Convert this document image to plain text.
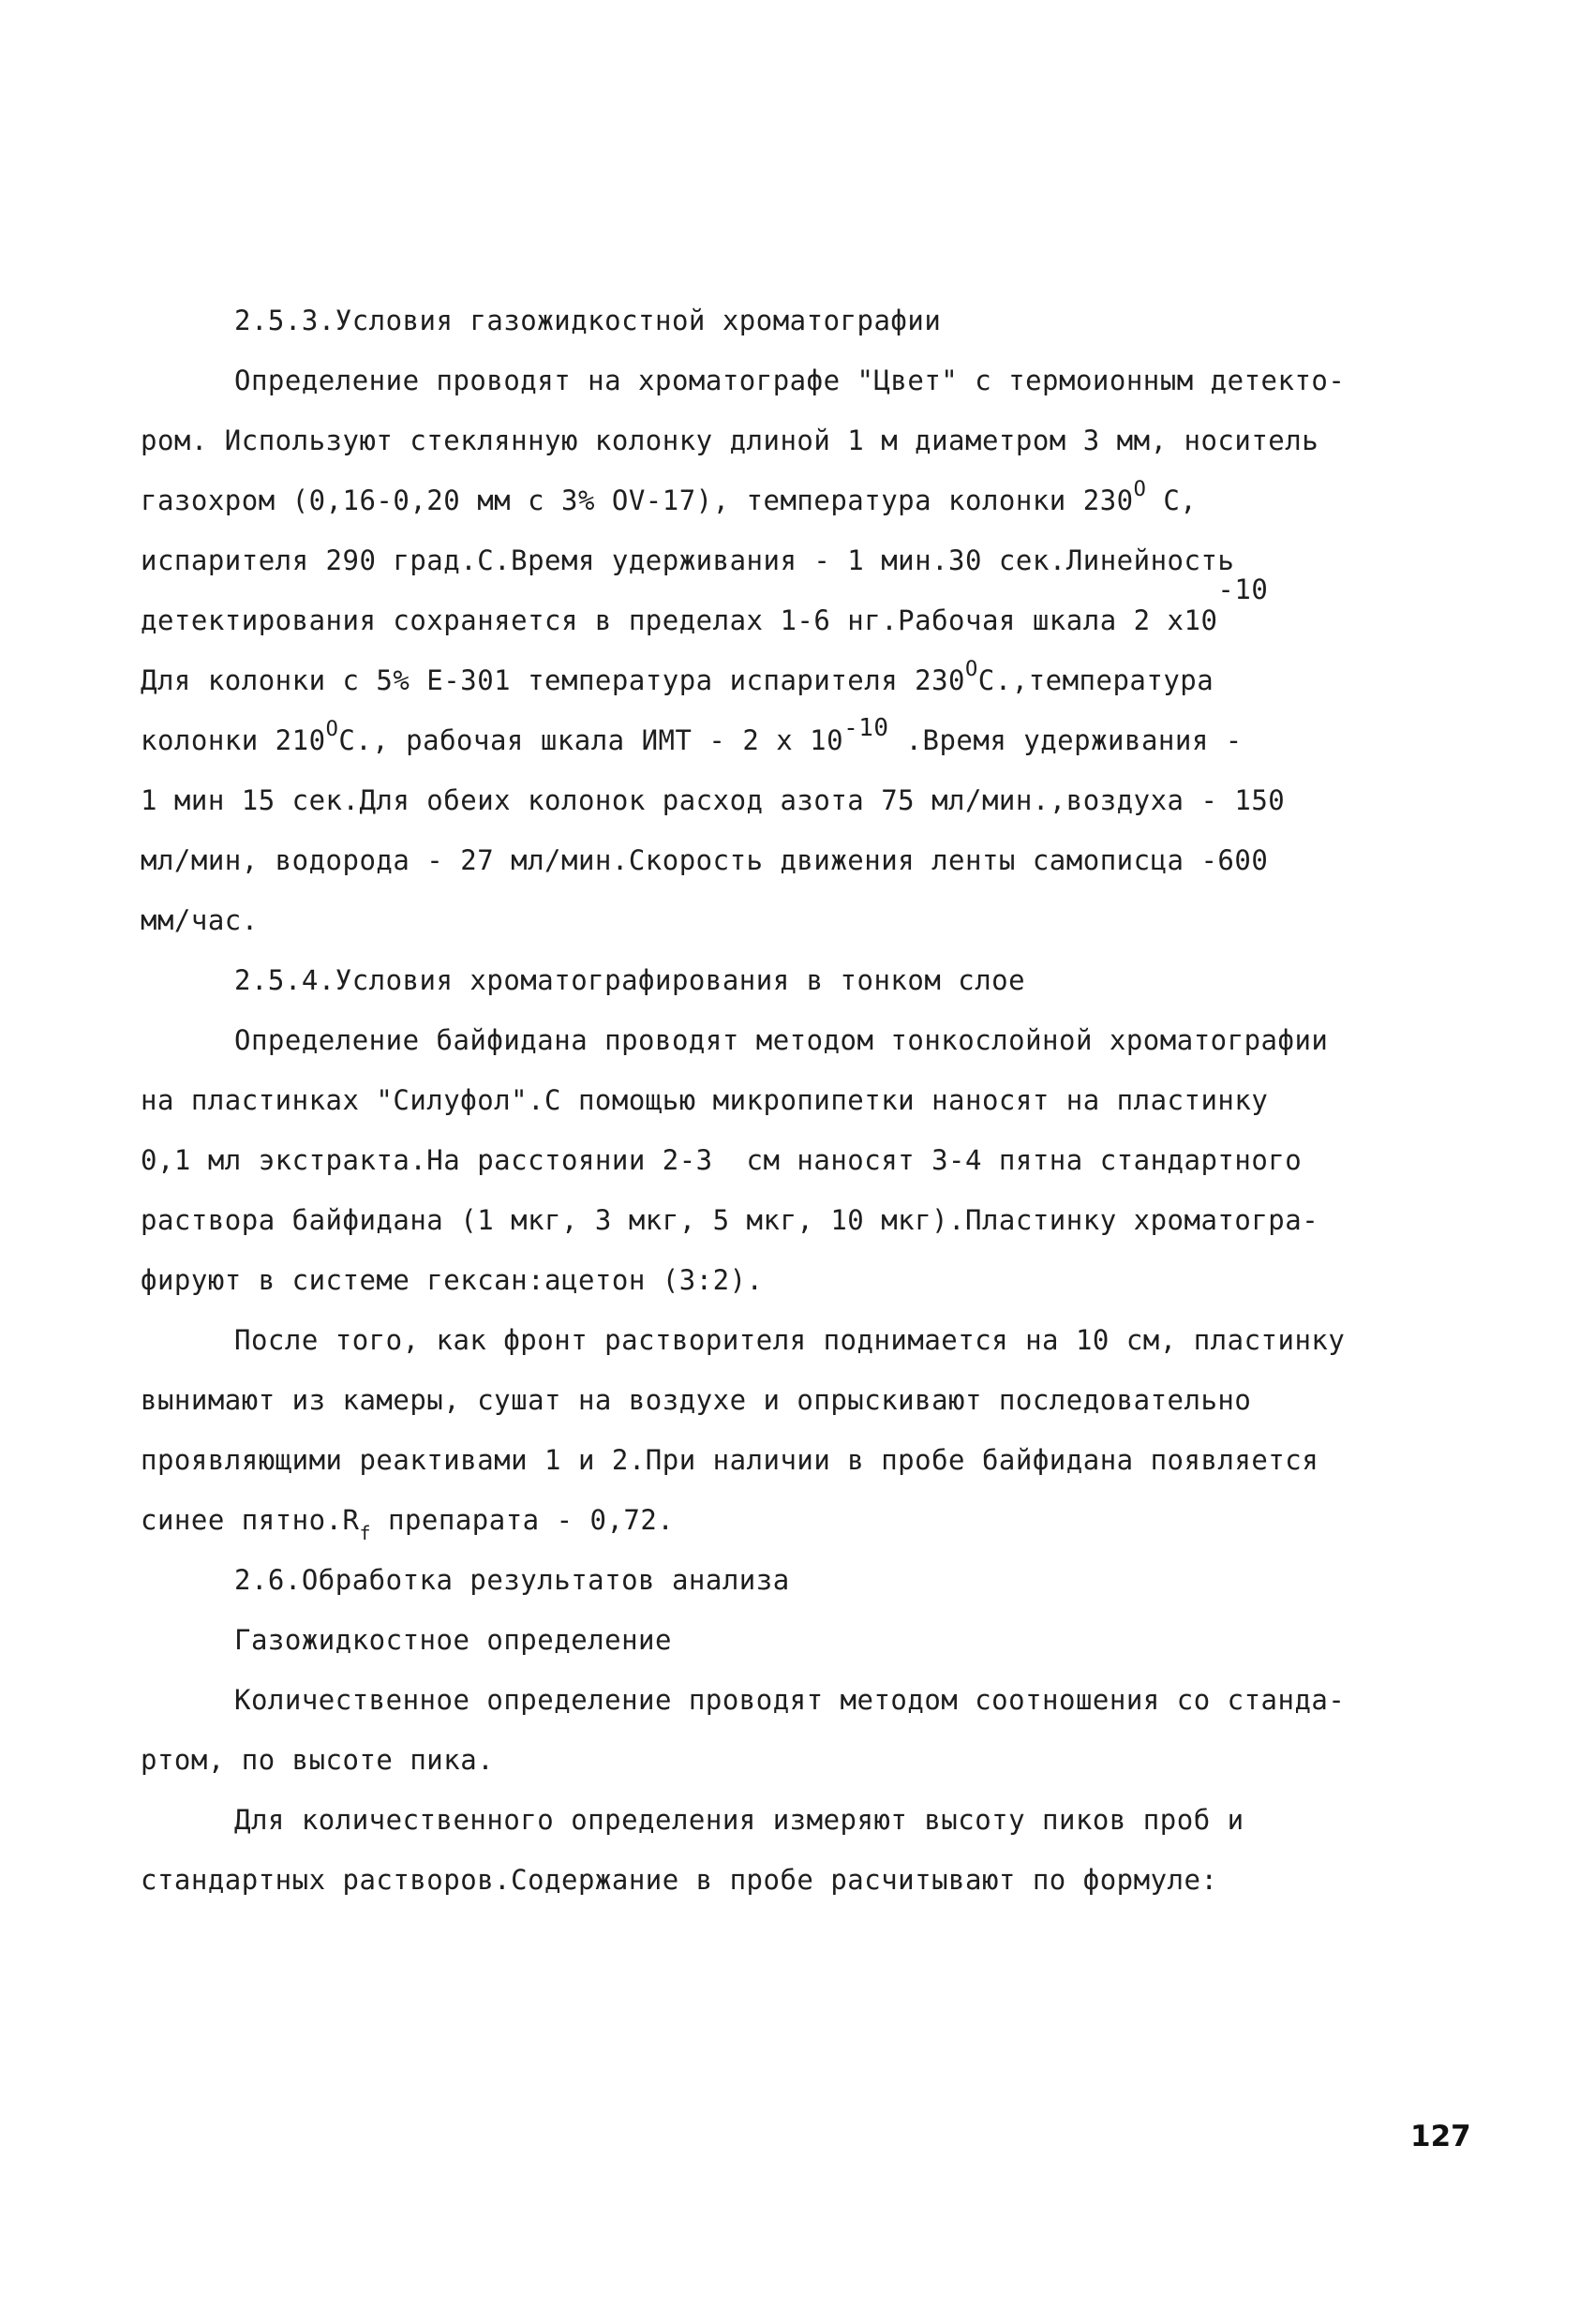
2.5.3.Условия газожидкостной хроматографии
Определение проводят на хроматографе "Цвет" с термоионным детекто-
ром. Используют стеклянную колонку длиной 1 м диаметром 3 мм, носитель
газохром (0,16-0,20 мм с 3% OV-17), температура колонки $230^O$ C,
испарителя 290 град.С.Время удерживания - 1 мин.30 сек.Линейность
детектирования сохраняется в пределах 1-6 нг.Рабочая шкала 2 $х10^{-10}$
Для колонки с 5% Е-301 температура испарителя $230^OС.,температура$
колонки $210^OС$., рабочая шкала ИМТ - 2 х $10^{-10}$ .Время удерживания -
1 мин 15 сек.Для обеих колонок расход азота 75 мл/мин.,воздуха - 150
мл/мин, водорода - 27 мл/мин.Скорость движения ленты самописца -600
мм/час.
2.5.4.Условия хроматографирования в тонком слое
Определение байфидана проводят методом тонкослойной хроматографии
на пластинках "Силуфол".С помощью микропипетки наносят на пластинку
0,1 мл экстракта.На расстоянии 2-3  см наносят 3-4 пятна стандартного
раствора байфидана (1 мкг, 3 мкг, 5 мкг, 10 мкг).Пластинку хроматогра-
фируют в системе гексан:ацетон (3:2).
После того, как фронт растворителя поднимается на 10 см, пластинку
вынимают из камеры, сушат на воздухе и опрыскивают последовательно
проявляющими реактивами 1 и 2.При наличии в пробе байфидана появляется
синее $пятно.R_f$ препарата - 0,72.
2.6.Обработка результатов анализа
Газожидкостное определение
Количественное определение проводят методом соотношения со станда-
ртом, по высоте пика.
Для количественного определения измеряют высоту пиков проб и
стандартных растворов.Содержание в пробе расчитывают по формуле:
127
